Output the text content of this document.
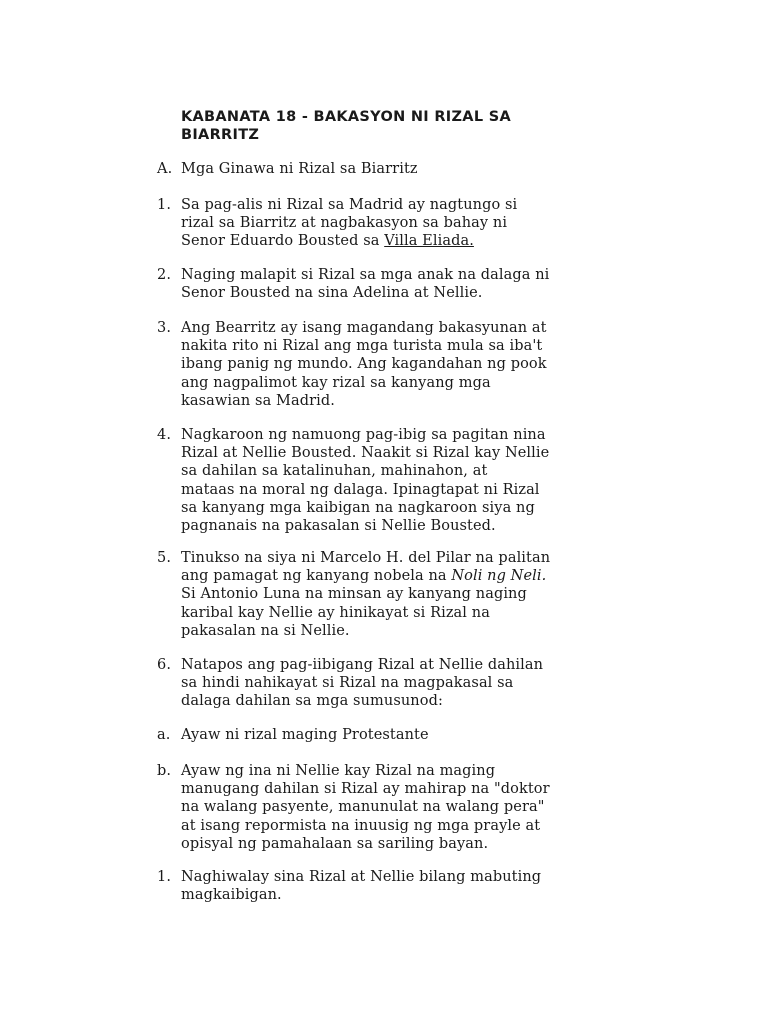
KABANATA 18 - BAKASYON NI RIZAL SA
BIARRITZ
A. Mga Ginawa ni Rizal sa Biarritz
1. Sa pag-alis ni Rizal sa Madrid ay nagtungo si
rizal sa Biarritz at nagbakasyon sa bahay ni
Senor Eduardo Bousted sa Villa Eliada.
2. Naging malapit si Rizal sa mga anak na dalaga ni
Senor Bousted na sina Adelina at Nellie.
3. Ang Bearritz ay isang magandang bakasyunan at
nakita rito ni Rizal ang mga turista mula sa iba't
ibang panig ng mundo. Ang kagandahan ng pook
ang nagpalimot kay rizal sa kanyang mga
kasawian sa Madrid.
4. Nagkaroon ng namuong pag-ibig sa pagitan nina
Rizal at Nellie Bousted. Naakit si Rizal kay Nellie
sa dahilan sa katalinuhan, mahinahon, at
mataas na moral ng dalaga. Ipinagtapat ni Rizal
sa kanyang mga kaibigan na nagkaroon siya ng
pagnanais na pakasalan si Nellie Bousted.
5. Tinukso na siya ni Marcelo H. del Pilar na palitan
ang pamagat ng kanyang nobela na Noli ng Neli.
Si Antonio Luna na minsan ay kanyang naging
karibal kay Nellie ay hinikayat si Rizal na
pakasalan na si Nellie.
6. Natapos ang pag-iibigang Rizal at Nellie dahilan
sa hindi nahikayat si Rizal na magpakasal sa
dalaga dahilan sa mga sumusunod:
a. Ayaw ni rizal maging Protestante
b. Ayaw ng ina ni Nellie kay Rizal na maging
manugang dahilan si Rizal ay mahirap na "doktor
na walang pasyente, manunulat na walang pera"
at isang repormista na inuusig ng mga prayle at
opisyal ng pamahalaan sa sariling bayan.
1. Naghiwalay sina Rizal at Nellie bilang mabuting
magkaibigan.
